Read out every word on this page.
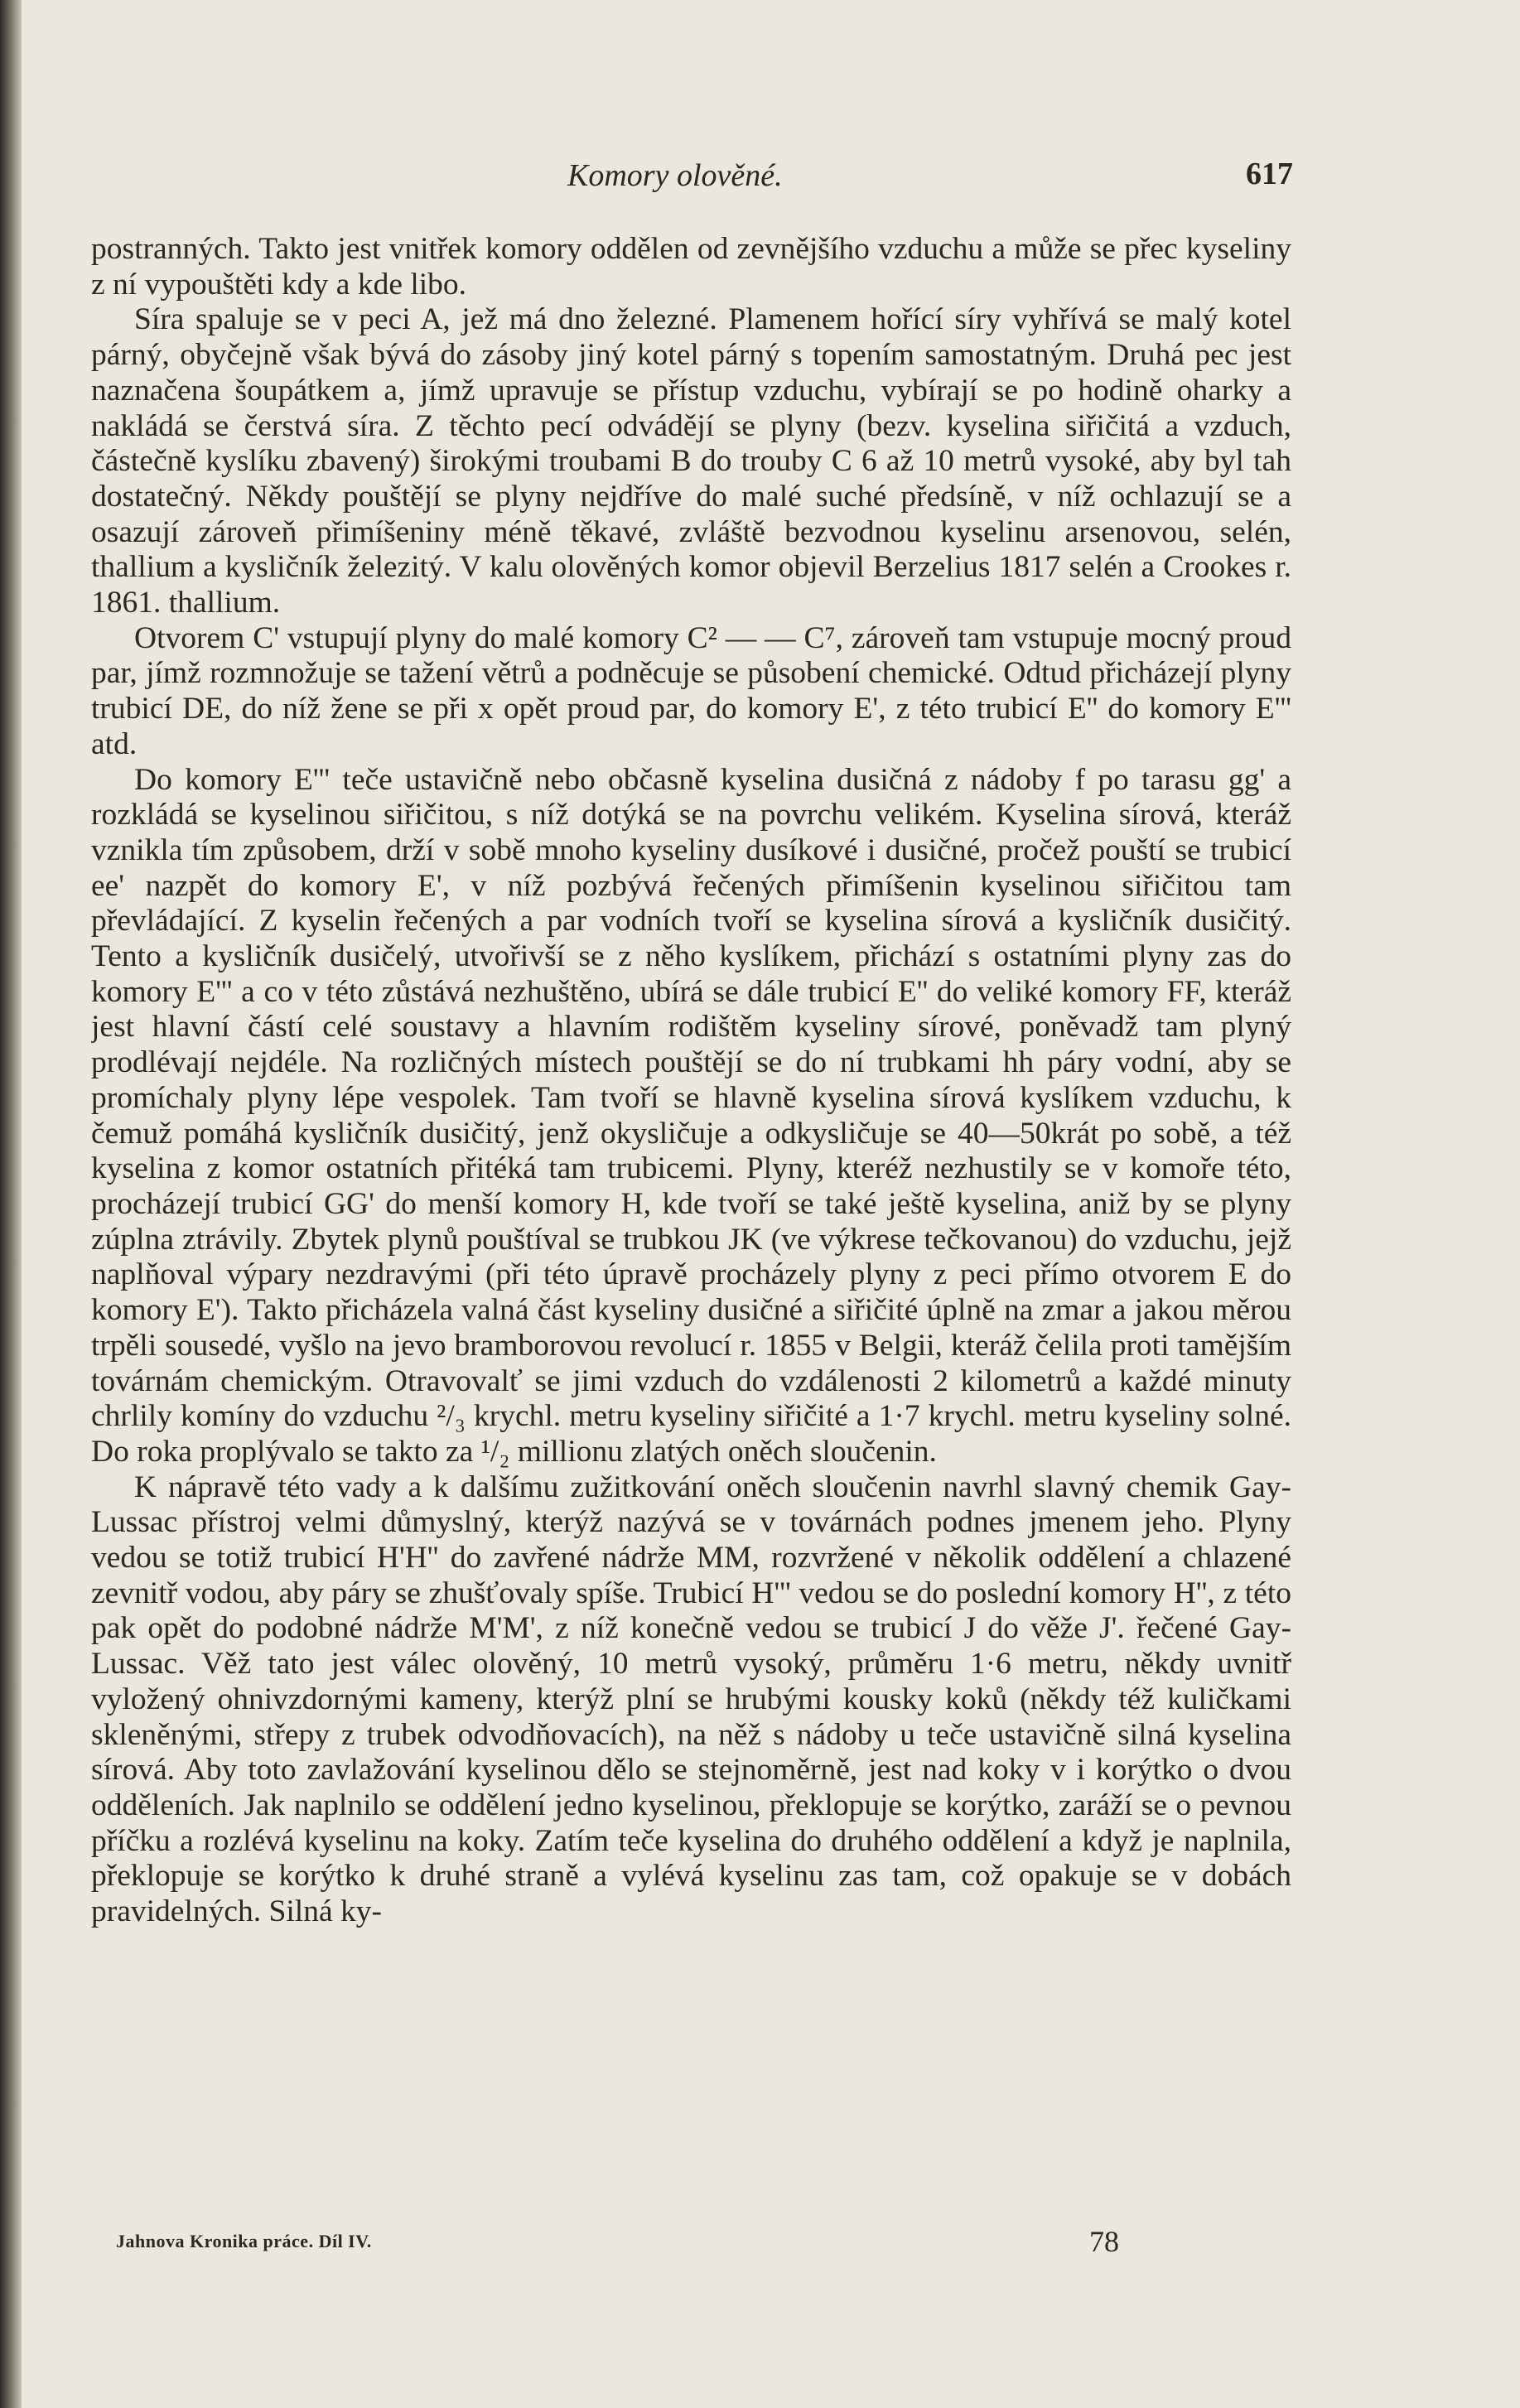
Komory olověné.	617

postranných. Takto jest vnitřek komory oddělen od zevnějšího vzduchu a může se přec kyseliny z ní vypouštěti kdy a kde libo.

Síra spaluje se v peci A, jež má dno železné. Plamenem hořící síry vyhřívá se malý kotel párný, obyčejně však bývá do zásoby jiný kotel párný s topením samostatným. Druhá pec jest naznačena šoupátkem a, jímž upravuje se přístup vzduchu, vybírají se po hodině oharky a nakládá se čerstvá síra. Z těchto pecí odvádějí se plyny (bezv. kyselina siřičitá a vzduch, částečně kyslíku zbavený) širokými troubami B do trouby C 6 až 10 metrů vysoké, aby byl tah dostatečný. Někdy pouštějí se plyny nejdříve do malé suché předsíně, v níž ochlazují se a osazují zároveň přimíšeniny méně těkavé, zvláště bezvodnou kyselinu arsenovou, selén, thallium a kysličník železitý. V kalu olověných komor objevil Berzelius 1817 selén a Crookes r. 1861. thallium.

Otvorem C' vstupují plyny do malé komory C² — — C⁷, zároveň tam vstupuje mocný proud par, jímž rozmnožuje se tažení větrů a podněcuje se působení chemické. Odtud přicházejí plyny trubicí DE, do níž žene se při x opět proud par, do komory E', z této trubicí E'' do komory E''' atd.

Do komory E''' teče ustavičně nebo občasně kyselina dusičná z nádoby f po tarasu gg' a rozkládá se kyselinou siřičitou, s níž dotýká se na povrchu velikém. Kyselina sírová, kteráž vznikla tím způsobem, drží v sobě mnoho kyseliny dusíkové i dusičné, pročež pouští se trubicí ee' nazpět do komory E', v níž pozbývá řečených přimíšenin kyselinou siřičitou tam převládající. Z kyselin řečených a par vodních tvoří se kyselina sírová a kysličník dusičitý. Tento a kysličník dusičelý, utvořivší se z něho kyslíkem, přichází s ostatními plyny zas do komory E''' a co v této zůstává nezhuštěno, ubírá se dále trubicí E'' do veliké komory FF, kteráž jest hlavní částí celé soustavy a hlavním rodištěm kyseliny sírové, poněvadž tam plyný prodlévají nejdéle. Na rozličných místech pouštějí se do ní trubkami hh páry vodní, aby se promíchaly plyny lépe vespolek. Tam tvoří se hlavně kyselina sírová kyslíkem vzduchu, k čemuž pomáhá kysličník dusičitý, jenž okysličuje a odkysličuje se 40—50krát po sobě, a též kyselina z komor ostatních přitéká tam trubicemi. Plyny, kteréž nezhustily se v komoře této, procházejí trubicí GG' do menší komory H, kde tvoří se také ještě kyselina, aniž by se plyny zúplna ztrávily. Zbytek plynů pouštíval se trubkou JK (ve výkrese tečkovanou) do vzduchu, jejž naplňoval výpary nezdravými (při této úpravě procházely plyny z peci přímo otvorem E do komory E'). Takto přicházela valná část kyseliny dusičné a siřičité úplně na zmar a jakou měrou trpěli sousedé, vyšlo na jevo bramborovou revolucí r. 1855 v Belgii, kteráž čelila proti tamějším továrnám chemickým. Otravovalť se jimi vzduch do vzdálenosti 2 kilometrů a každé minuty chrlily komíny do vzduchu ²/₃ krychl. metru kyseliny siřičité a 1·7 krychl. metru kyseliny solné. Do roka proplývalo se takto za ¹/₂ millionu zlatých oněch sloučenin.

K nápravě této vady a k dalšímu zužitkování oněch sloučenin navrhl slavný chemik Gay-Lussac přístroj velmi důmyslný, kterýž nazývá se v továrnách podnes jmenem jeho. Plyny vedou se totiž trubicí H'H'' do zavřené nádrže MM, rozvržené v několik oddělení a chlazené zevnitř vodou, aby páry se zhušťovaly spíše. Trubicí H''' vedou se do poslední komory H'', z této pak opět do podobné nádrže M'M', z níž konečně vedou se trubicí J do věže J'. řečené Gay-Lussac. Věž tato jest válec olověný, 10 metrů vysoký, průměru 1·6 metru, někdy uvnitř vyložený ohnivzdornými kameny, kterýž plní se hrubými kousky koků (někdy též kuličkami skleněnými, střepy z trubek odvodňovacích), na něž s nádoby u teče ustavičně silná kyselina sírová. Aby toto zavlažování kyselinou dělo se stejnoměrně, jest nad koky v i korýtko o dvou odděleních. Jak naplnilo se oddělení jedno kyselinou, překlopuje se korýtko, zaráží se o pevnou příčku a rozlévá kyselinu na koky. Zatím teče kyselina do druhého oddělení a když je naplnila, překlopuje se korýtko k druhé straně a vylévá kyselinu zas tam, což opakuje se v dobách pravidelných. Silná ky-

Jahnova Kronika práce. Díl IV.	78
